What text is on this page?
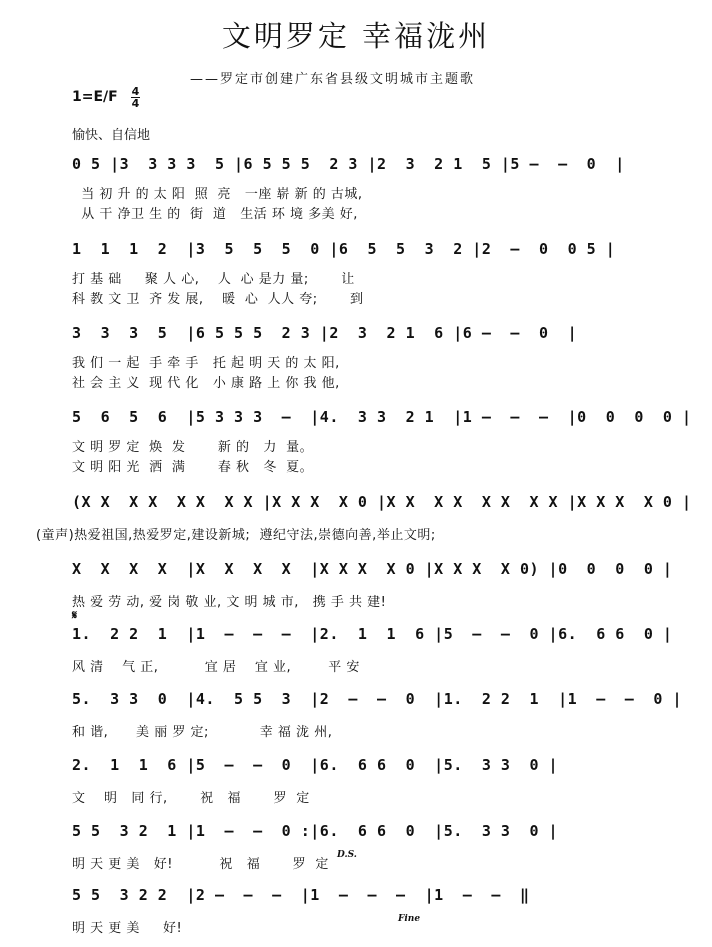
文明罗定 幸福泷州
——罗定市创建广东省县级文明城市主题歌
1=E/F 4
4
愉快、自信地
0 5 |3  3 3 3  5 |6 5 5 5  2 3 |2  3  2 1  5 |5 –  –  0  |
当 初 升 的 太 阳  照  亮   一座 崭 新 的 古城,
从 干 净卫 生 的  街  道   生活 环 境 多美 好,
1  1  1  2  |3  5  5  5  0 |6  5  5  3  2 |2  –  0  0 5 |
打 基 础     聚 人 心,    人  心 是力 量;       让
科 教 文 卫  齐 发 展,    暖  心  人人 夸;       到
3  3  3  5  |6 5 5 5  2 3 |2  3  2 1  6 |6 –  –  0  |
我 们 一 起  手 牵 手   托 起 明 天 的 太 阳,
社 会 主 义  现 代 化   小 康 路 上 你 我 他,
5  6  5  6  |5 3 3 3  –  |4.  3 3  2 1  |1 –  –  –  |0  0  0  0 |
文 明 罗 定  焕  发       新 的   力  量。
文 明 阳 光  洒  满       春 秋   冬  夏。
(X X  X X  X X  X X |X X X  X 0 |X X  X X  X X  X X |X X X  X 0 |
(童声)热爱祖国,热爱罗定,建设新城;  遵纪守法,崇德向善,举止文明;
X  X  X  X  |X  X  X  X  |X X X  X 0 |X X X  X 0) |0  0  0  0 |
热 爱 劳 动, 爱 岗 敬 业, 文 明 城 市,   携 手 共 建!
𝄋
1.  2 2  1  |1  –  –  –  |2.  1  1  6 |5  –  –  0 |6.  6 6  0 |
风 清    气 正,          宜 居    宜 业,        平 安
5.  3 3  0  |4.  5 5  3  |2  –  –  0  |1.  2 2  1  |1  –  –  0 |
和 谐,      美 丽 罗 定;           幸 福 泷 州,
2.  1  1  6 |5  –  –  0  |6.  6 6  0  |5.  3 3  0 |
文    明   同 行,       祝   福       罗  定
5 5  3 2  1 |1  –  –  0 :|6.  6 6  0  |5.  3 3  0 |
明 天 更 美   好!          祝   福       罗  定
D.S.
5 5  3 2 2  |2 –  –  –  |1  –  –  –  |1  –  –  ‖
明 天 更 美     好!
Fine
